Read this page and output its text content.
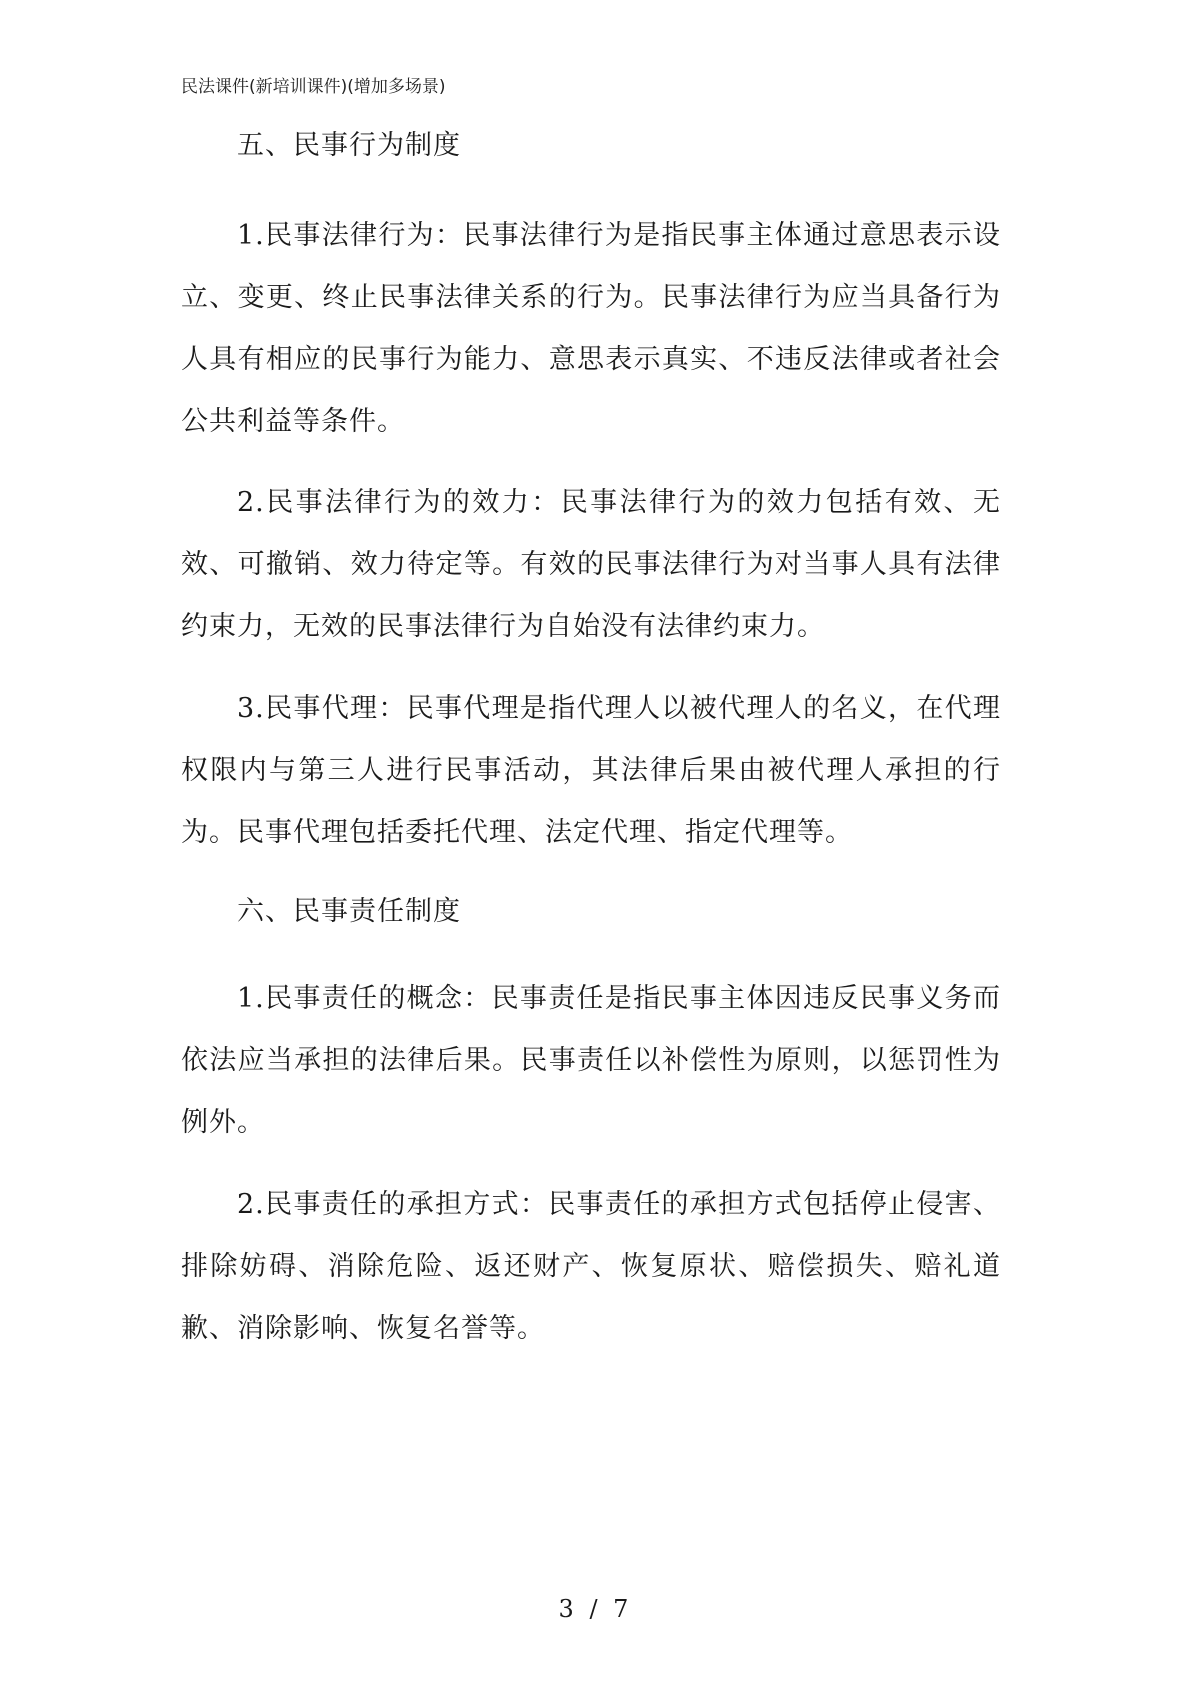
民法课件(新培训课件)(增加多场景)
五、民事行为制度
1.民事法律行为：民事法律行为是指民事主体通过意思表示设立、变更、终止民事法律关系的行为。民事法律行为应当具备行为人具有相应的民事行为能力、意思表示真实、不违反法律或者社会公共利益等条件。
2.民事法律行为的效力：民事法律行为的效力包括有效、无效、可撤销、效力待定等。有效的民事法律行为对当事人具有法律约束力，无效的民事法律行为自始没有法律约束力。
3.民事代理：民事代理是指代理人以被代理人的名义，在代理权限内与第三人进行民事活动，其法律后果由被代理人承担的行为。民事代理包括委托代理、法定代理、指定代理等。
六、民事责任制度
1.民事责任的概念：民事责任是指民事主体因违反民事义务而依法应当承担的法律后果。民事责任以补偿性为原则，以惩罚性为例外。
2.民事责任的承担方式：民事责任的承担方式包括停止侵害、排除妨碍、消除危险、返还财产、恢复原状、赔偿损失、赔礼道歉、消除影响、恢复名誉等。
3 / 7
